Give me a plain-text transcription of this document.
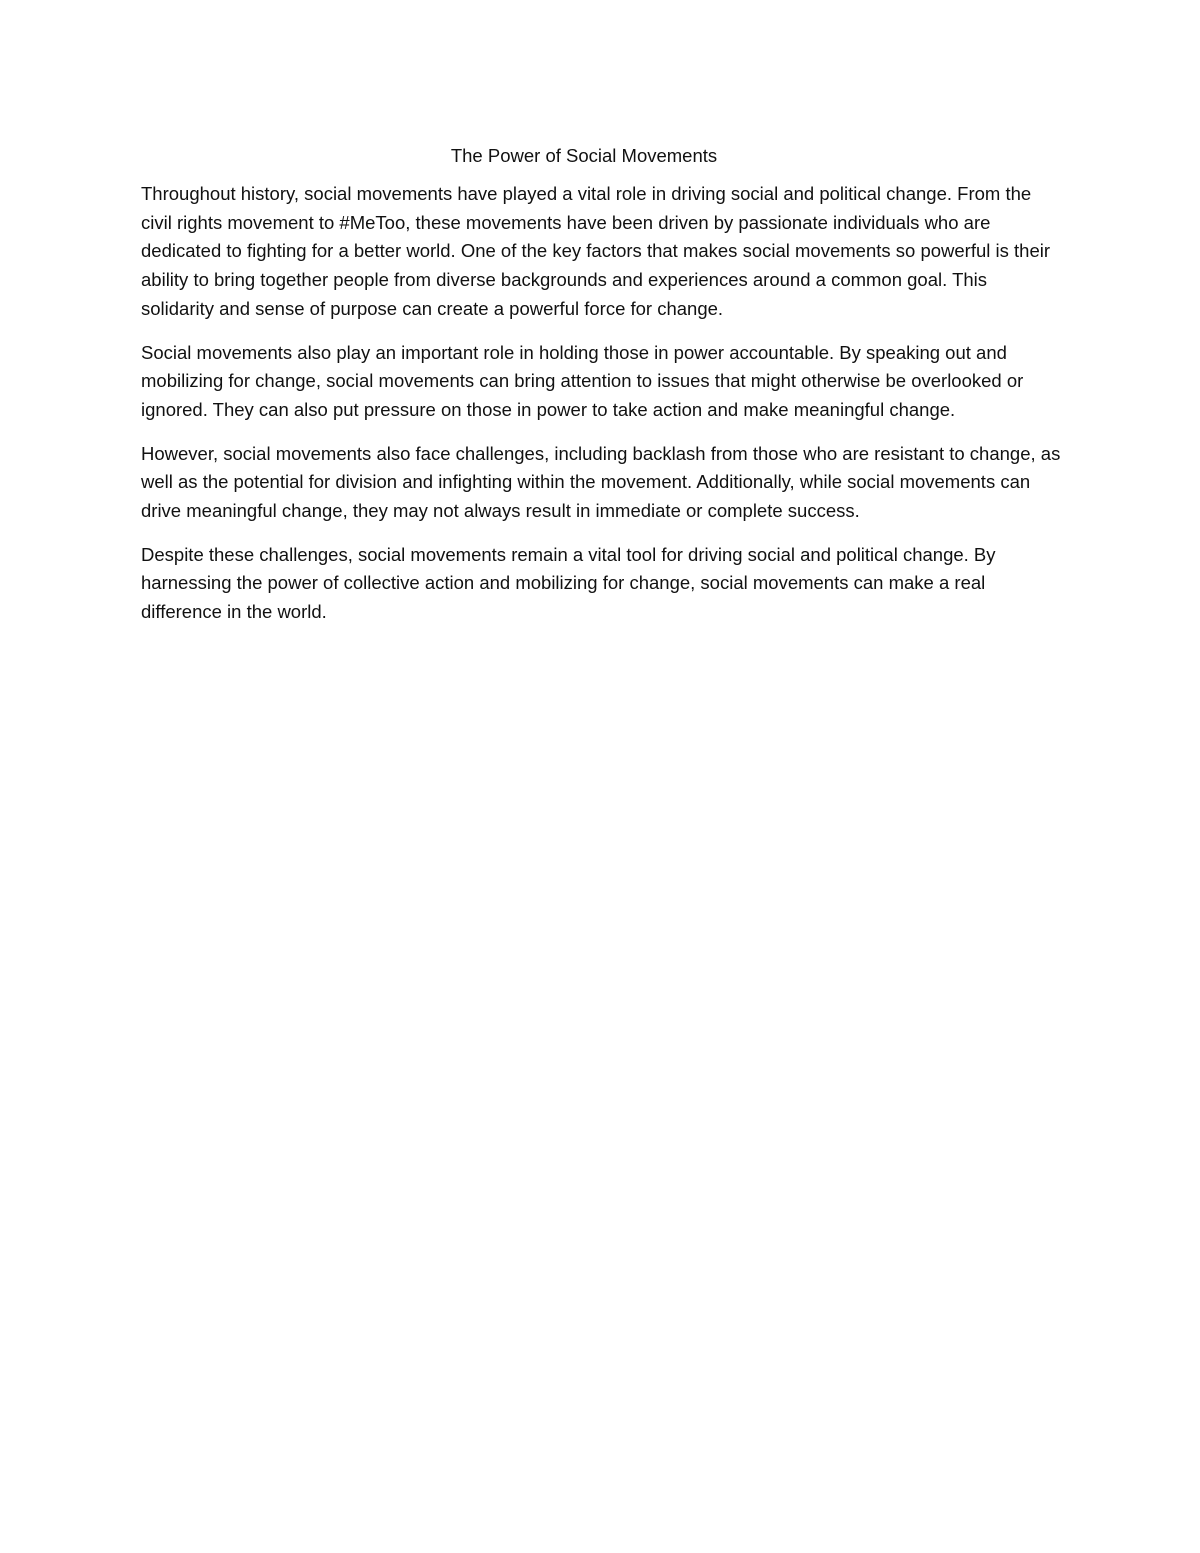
The Power of Social Movements

Throughout history, social movements have played a vital role in driving social and political change. From the civil rights movement to #MeToo, these movements have been driven by passionate individuals who are dedicated to fighting for a better world. One of the key factors that makes social movements so powerful is their ability to bring together people from diverse backgrounds and experiences around a common goal. This solidarity and sense of purpose can create a powerful force for change.

Social movements also play an important role in holding those in power accountable. By speaking out and mobilizing for change, social movements can bring attention to issues that might otherwise be overlooked or ignored. They can also put pressure on those in power to take action and make meaningful change.

However, social movements also face challenges, including backlash from those who are resistant to change, as well as the potential for division and infighting within the movement. Additionally, while social movements can drive meaningful change, they may not always result in immediate or complete success.

Despite these challenges, social movements remain a vital tool for driving social and political change. By harnessing the power of collective action and mobilizing for change, social movements can make a real difference in the world.
